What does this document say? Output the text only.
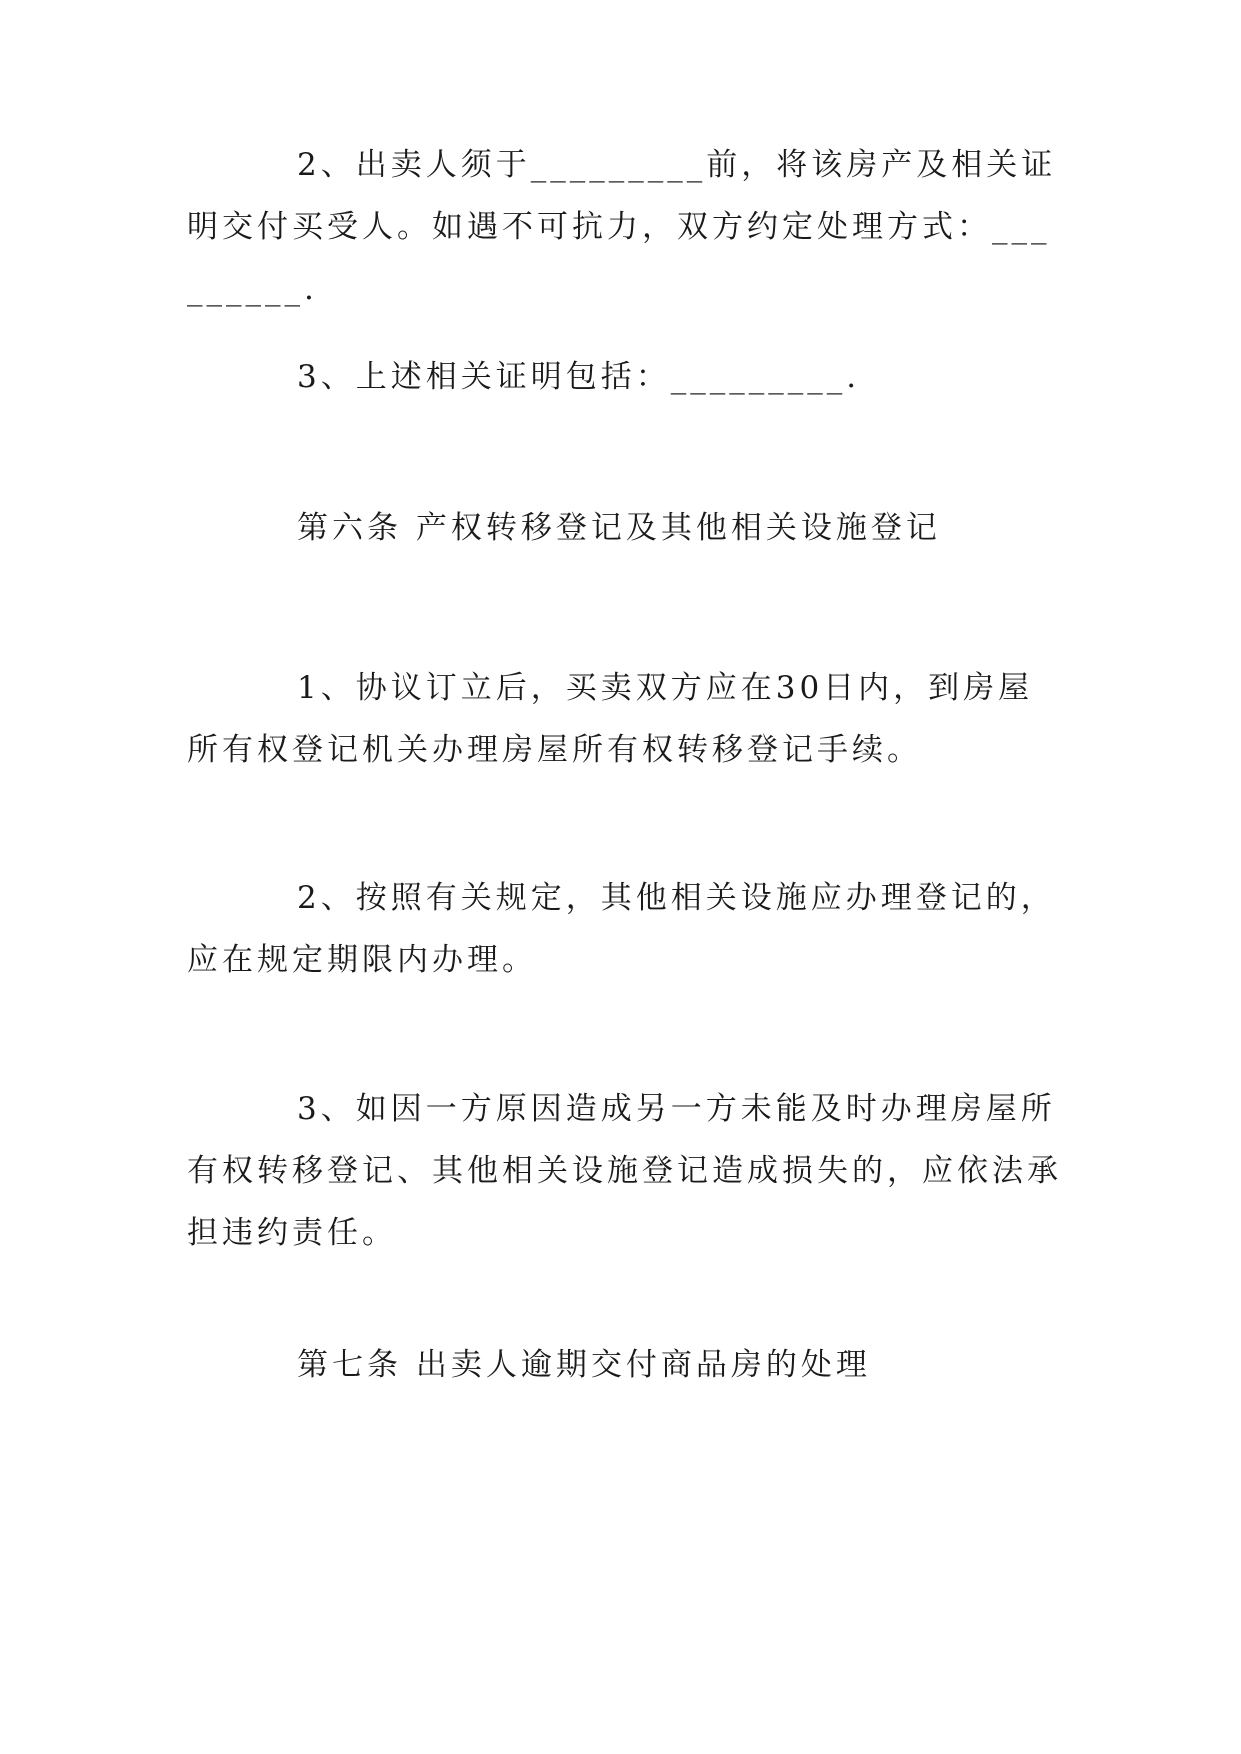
2、出卖人须于_________前，将该房产及相关证明交付买受人。如遇不可抗力，双方约定处理方式：_________.

3、上述相关证明包括：_________.

第六条 产权转移登记及其他相关设施登记

1、协议订立后，买卖双方应在30日内，到房屋所有权登记机关办理房屋所有权转移登记手续。

2、按照有关规定，其他相关设施应办理登记的，应在规定期限内办理。

3、如因一方原因造成另一方未能及时办理房屋所有权转移登记、其他相关设施登记造成损失的，应依法承担违约责任。

第七条 出卖人逾期交付商品房的处理
